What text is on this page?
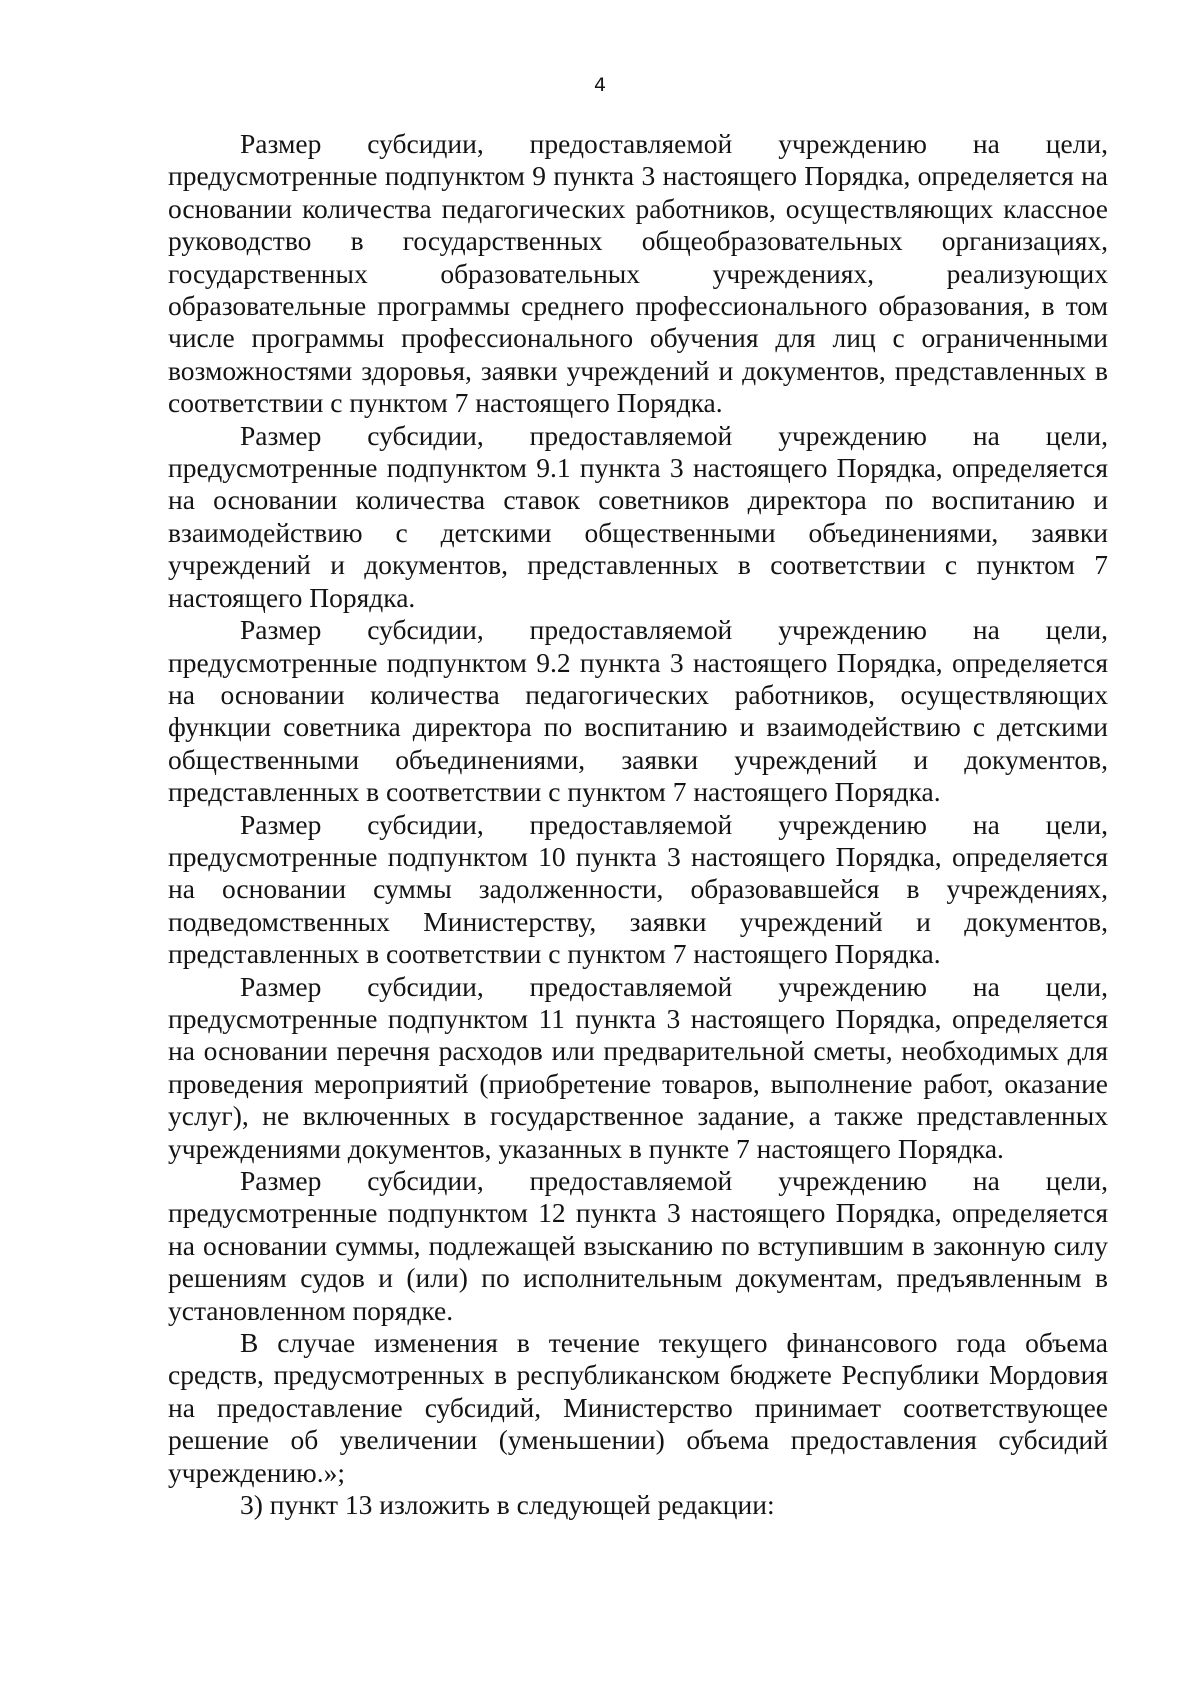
4

Размер субсидии, предоставляемой учреждению на цели, предусмотренные подпунктом 9 пункта 3 настоящего Порядка, определяется на основании количества педагогических работников, осуществляющих классное руководство в государственных общеобразовательных организациях, государственных образовательных учреждениях, реализующих образовательные программы среднего профессионального образования, в том числе программы профессионального обучения для лиц с ограниченными возможностями здоровья, заявки учреждений и документов, представленных в соответствии с пунктом 7 настоящего Порядка.

Размер субсидии, предоставляемой учреждению на цели, предусмотренные подпунктом 9.1 пункта 3 настоящего Порядка, определяется на основании количества ставок советников директора по воспитанию и взаимодействию с детскими общественными объединениями, заявки учреждений и документов, представленных в соответствии с пунктом 7 настоящего Порядка.

Размер субсидии, предоставляемой учреждению на цели, предусмотренные подпунктом 9.2 пункта 3 настоящего Порядка, определяется на основании количества педагогических работников, осуществляющих функции советника директора по воспитанию и взаимодействию с детскими общественными объединениями, заявки учреждений и документов, представленных в соответствии с пунктом 7 настоящего Порядка.

Размер субсидии, предоставляемой учреждению на цели, предусмотренные подпунктом 10 пункта 3 настоящего Порядка, определяется на основании суммы задолженности, образовавшейся в учреждениях, подведомственных Министерству, заявки учреждений и документов, представленных в соответствии с пунктом 7 настоящего Порядка.

Размер субсидии, предоставляемой учреждению на цели, предусмотренные подпунктом 11 пункта 3 настоящего Порядка, определяется на основании перечня расходов или предварительной сметы, необходимых для проведения мероприятий (приобретение товаров, выполнение работ, оказание услуг), не включенных в государственное задание, а также представленных учреждениями документов, указанных в пункте 7 настоящего Порядка.

Размер субсидии, предоставляемой учреждению на цели, предусмотренные подпунктом 12 пункта 3 настоящего Порядка, определяется на основании суммы, подлежащей взысканию по вступившим в законную силу решениям судов и (или) по исполнительным документам, предъявленным в установленном порядке.

В случае изменения в течение текущего финансового года объема средств, предусмотренных в республиканском бюджете Республики Мордовия на предоставление субсидий, Министерство принимает соответствующее решение об увеличении (уменьшении) объема предоставления субсидий учреждению.»;

3) пункт 13 изложить в следующей редакции:
